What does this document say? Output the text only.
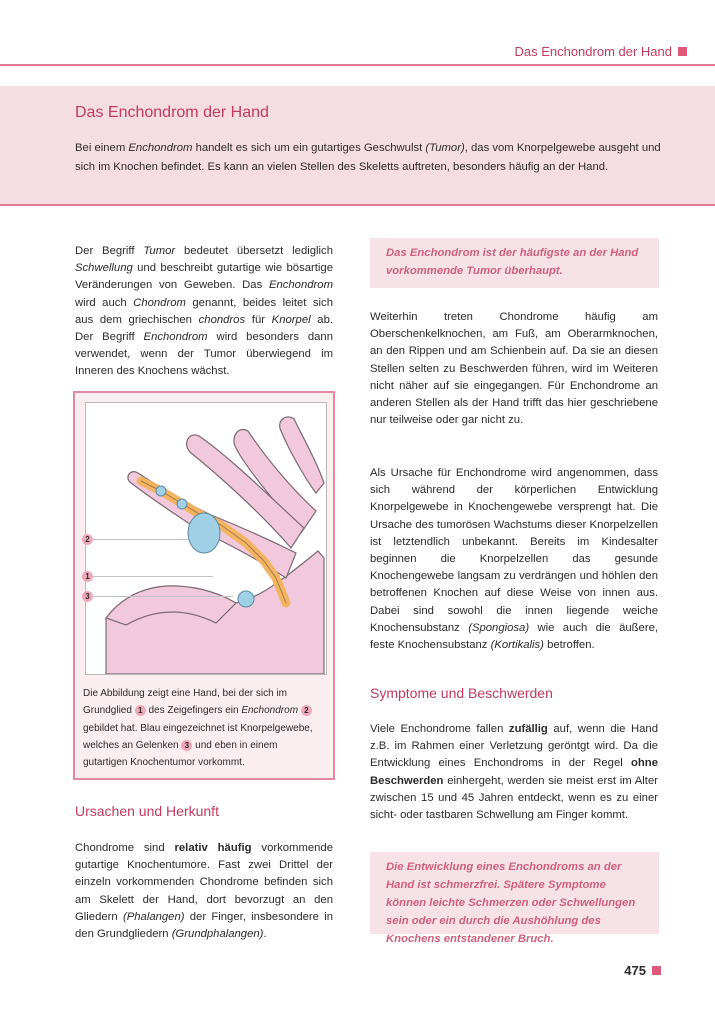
Das Enchondrom der Hand
Das Enchondrom der Hand
Bei einem Enchondrom handelt es sich um ein gutartiges Geschwulst (Tumor), das vom Knorpelgewebe ausgeht und sich im Knochen befindet. Es kann an vielen Stellen des Skeletts auftreten, besonders häufig an der Hand.

Der Begriff Tumor bedeutet übersetzt lediglich Schwellung und beschreibt gutartige wie bösartige Veränderungen von Geweben. Das Enchondrom wird auch Chondrom genannt, beides leitet sich aus dem griechischen chondros für Knorpel ab. Der Begriff Enchondrom wird besonders dann verwendet, wenn der Tumor überwiegend im Inneren des Knochens wächst.

2
1
3
Die Abbildung zeigt eine Hand, bei der sich im Grundglied 1 des Zeigefingers ein Enchondrom 2 gebildet hat. Blau eingezeichnet ist Knorpelgewebe, welches an Gelenken 3 und eben in einem gutartigen Knochentumor vorkommt.
Ursachen und Herkunft

Chondrome sind relativ häufig vorkommende gutartige Knochentumore. Fast zwei Drittel der einzeln vorkommenden Chondrome befinden sich am Skelett der Hand, dort bevorzugt an den Gliedern (Phalangen) der Finger, insbesondere in den Grundgliedern (Grundphalangen).

Das Enchondrom ist der häufigste an der Hand vorkommende Tumor überhaupt.

Weiterhin treten Chondrome häufig am Oberschenkelknochen, am Fuß, am Oberarmknochen, an den Rippen und am Schienbein auf. Da sie an diesen Stellen selten zu Beschwerden führen, wird im Weiteren nicht näher auf sie eingegangen. Für Enchondrome an anderen Stellen als der Hand trifft das hier geschriebene nur teilweise oder gar nicht zu.

Als Ursache für Enchondrome wird angenommen, dass sich während der körperlichen Entwicklung Knorpelgewebe in Knochengewebe versprengt hat. Die Ursache des tumorösen Wachstums dieser Knorpelzellen ist letztendlich unbekannt. Bereits im Kindesalter beginnen die Knorpelzellen das gesunde Knochengewebe langsam zu verdrängen und höhlen den betroffenen Knochen auf diese Weise von innen aus. Dabei sind sowohl die innen liegende weiche Knochensubstanz (Spongiosa) wie auch die äußere, feste Knochensubstanz (Kortikalis) betroffen.

Symptome und Beschwerden

Viele Enchondrome fallen zufällig auf, wenn die Hand z.B. im Rahmen einer Verletzung geröntgt wird. Da die Entwicklung eines Enchondroms in der Regel ohne Beschwerden einhergeht, werden sie meist erst im Alter zwischen 15 und 45 Jahren entdeckt, wenn es zu einer sicht- oder tastbaren Schwellung am Finger kommt.

Die Entwicklung eines Enchondroms an der Hand ist schmerzfrei. Spätere Symptome können leichte Schmerzen oder Schwellungen sein oder ein durch die Aushöhlung des Knochens entstandener Bruch.
475
